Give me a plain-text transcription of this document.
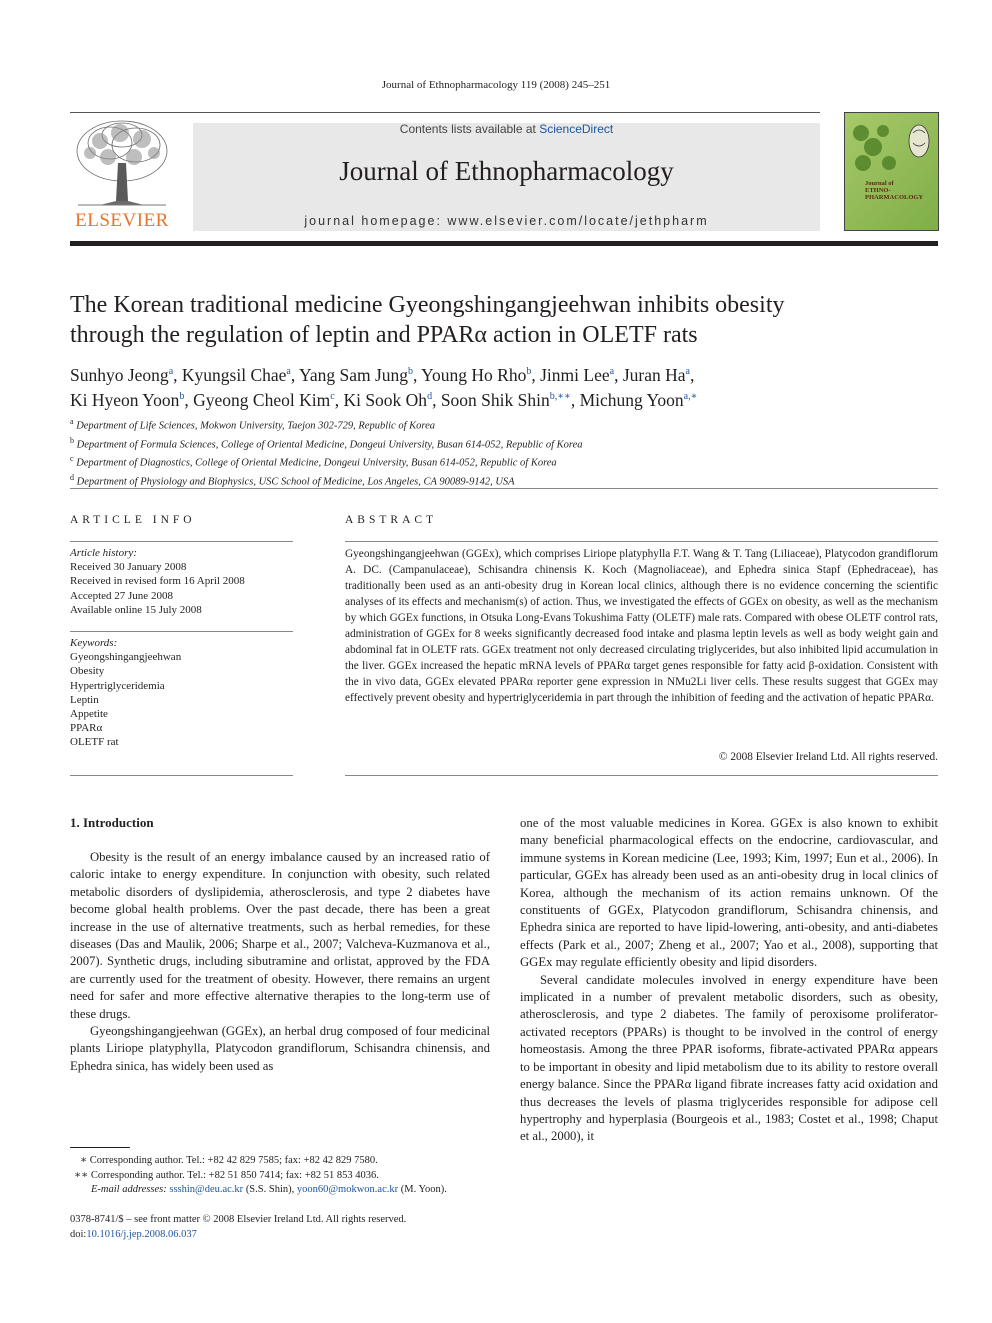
Journal of Ethnopharmacology 119 (2008) 245–251
ELSEVIER
Contents lists available at ScienceDirect
Journal of Ethnopharmacology
journal homepage: www.elsevier.com/locate/jethpharm
Journal of
ETHNO-
PHARMACOLOGY
The Korean traditional medicine Gyeongshingangjeehwan inhibits obesity
through the regulation of leptin and PPARα action in OLETF rats
Sunhyo Jeong$^a$, Kyungsil Chae$^a$, Yang Sam Jung$^b$, Young Ho Rho$^b$, Jinmi Lee$^a$, Juran Ha$^a$,
Ki Hyeon Yoon$^b$, Gyeong Cheol Kim$^c$, Ki Sook Oh$^d$, Soon Shik Shin$^{b,∗∗}$, Michung Yoon$^{a,∗}$
$^a$ Department of Life Sciences, Mokwon University, Taejon 302-729, Republic of Korea
$^b$ Department of Formula Sciences, College of Oriental Medicine, Dongeui University, Busan 614-052, Republic of Korea
$^c$ Department of Diagnostics, College of Oriental Medicine, Dongeui University, Busan 614-052, Republic of Korea
$^d$ Department of Physiology and Biophysics, USC School of Medicine, Los Angeles, CA 90089-9142, USA
ARTICLE INFO
Article history:
Received 30 January 2008
Received in revised form 16 April 2008
Accepted 27 June 2008
Available online 15 July 2008
Keywords:
Gyeongshingangjeehwan
Obesity
Hypertriglyceridemia
Leptin
Appetite
PPARα
OLETF rat
ABSTRACT
Gyeongshingangjeehwan (GGEx), which comprises Liriope platyphylla F.T. Wang & T. Tang (Liliaceae), Platycodon grandiflorum A. DC. (Campanulaceae), Schisandra chinensis K. Koch (Magnoliaceae), and Ephedra sinica Stapf (Ephedraceae), has traditionally been used as an anti-obesity drug in Korean local clinics, although there is no evidence concerning the scientific analyses of its effects and mechanism(s) of action. Thus, we investigated the effects of GGEx on obesity, as well as the mechanism by which GGEx functions, in Otsuka Long-Evans Tokushima Fatty (OLETF) male rats. Compared with obese OLETF control rats, administration of GGEx for 8 weeks significantly decreased food intake and plasma leptin levels as well as body weight gain and abdominal fat in OLETF rats. GGEx treatment not only decreased circulating triglycerides, but also inhibited lipid accumulation in the liver. GGEx increased the hepatic mRNA levels of PPARα target genes responsible for fatty acid β-oxidation. Consistent with the in vivo data, GGEx elevated PPARα reporter gene expression in NMu2Li liver cells. These results suggest that GGEx may effectively prevent obesity and hypertriglyceridemia in part through the inhibition of feeding and the activation of hepatic PPARα.
© 2008 Elsevier Ireland Ltd. All rights reserved.
1. Introduction

Obesity is the result of an energy imbalance caused by an increased ratio of caloric intake to energy expenditure. In conjunction with obesity, such related metabolic disorders of dyslipidemia, atherosclerosis, and type 2 diabetes have become global health problems. Over the past decade, there has been a great increase in the use of alternative treatments, such as herbal remedies, for these diseases (Das and Maulik, 2006; Sharpe et al., 2007; Valcheva-Kuzmanova et al., 2007). Synthetic drugs, including sibutramine and orlistat, approved by the FDA are currently used for the treatment of obesity. However, there remains an urgent need for safer and more effective alternative therapies to the long-term use of these drugs.

Gyeongshingangjeehwan (GGEx), an herbal drug composed of four medicinal plants Liriope platyphylla, Platycodon grandiflorum, Schisandra chinensis, and Ephedra sinica, has widely been used as

one of the most valuable medicines in Korea. GGEx is also known to exhibit many beneficial pharmacological effects on the endocrine, cardiovascular, and immune systems in Korean medicine (Lee, 1993; Kim, 1997; Eun et al., 2006). In particular, GGEx has already been used as an anti-obesity drug in local clinics of Korea, although the mechanism of its action remains unknown. Of the constituents of GGEx, Platycodon grandiflorum, Schisandra chinensis, and Ephedra sinica are reported to have lipid-lowering, anti-obesity, and anti-diabetes effects (Park et al., 2007; Zheng et al., 2007; Yao et al., 2008), supporting that GGEx may regulate efficiently obesity and lipid disorders.

Several candidate molecules involved in energy expenditure have been implicated in a number of prevalent metabolic disorders, such as obesity, atherosclerosis, and type 2 diabetes. The family of peroxisome proliferator-activated receptors (PPARs) is thought to be involved in the control of energy homeostasis. Among the three PPAR isoforms, fibrate-activated PPARα appears to be important in obesity and lipid metabolism due to its ability to restore overall energy balance. Since the PPARα ligand fibrate increases fatty acid oxidation and thus decreases the levels of plasma triglycerides responsible for adipose cell hypertrophy and hyperplasia (Bourgeois et al., 1983; Costet et al., 1998; Chaput et al., 2000), it

∗ Corresponding author. Tel.: +82 42 829 7585; fax: +82 42 829 7580.
∗∗ Corresponding author. Tel.: +82 51 850 7414; fax: +82 51 853 4036.
E-mail addresses: ssshin@deu.ac.kr (S.S. Shin), yoon60@mokwon.ac.kr (M. Yoon).
0378-8741/$ – see front matter © 2008 Elsevier Ireland Ltd. All rights reserved.
doi:10.1016/j.jep.2008.06.037
